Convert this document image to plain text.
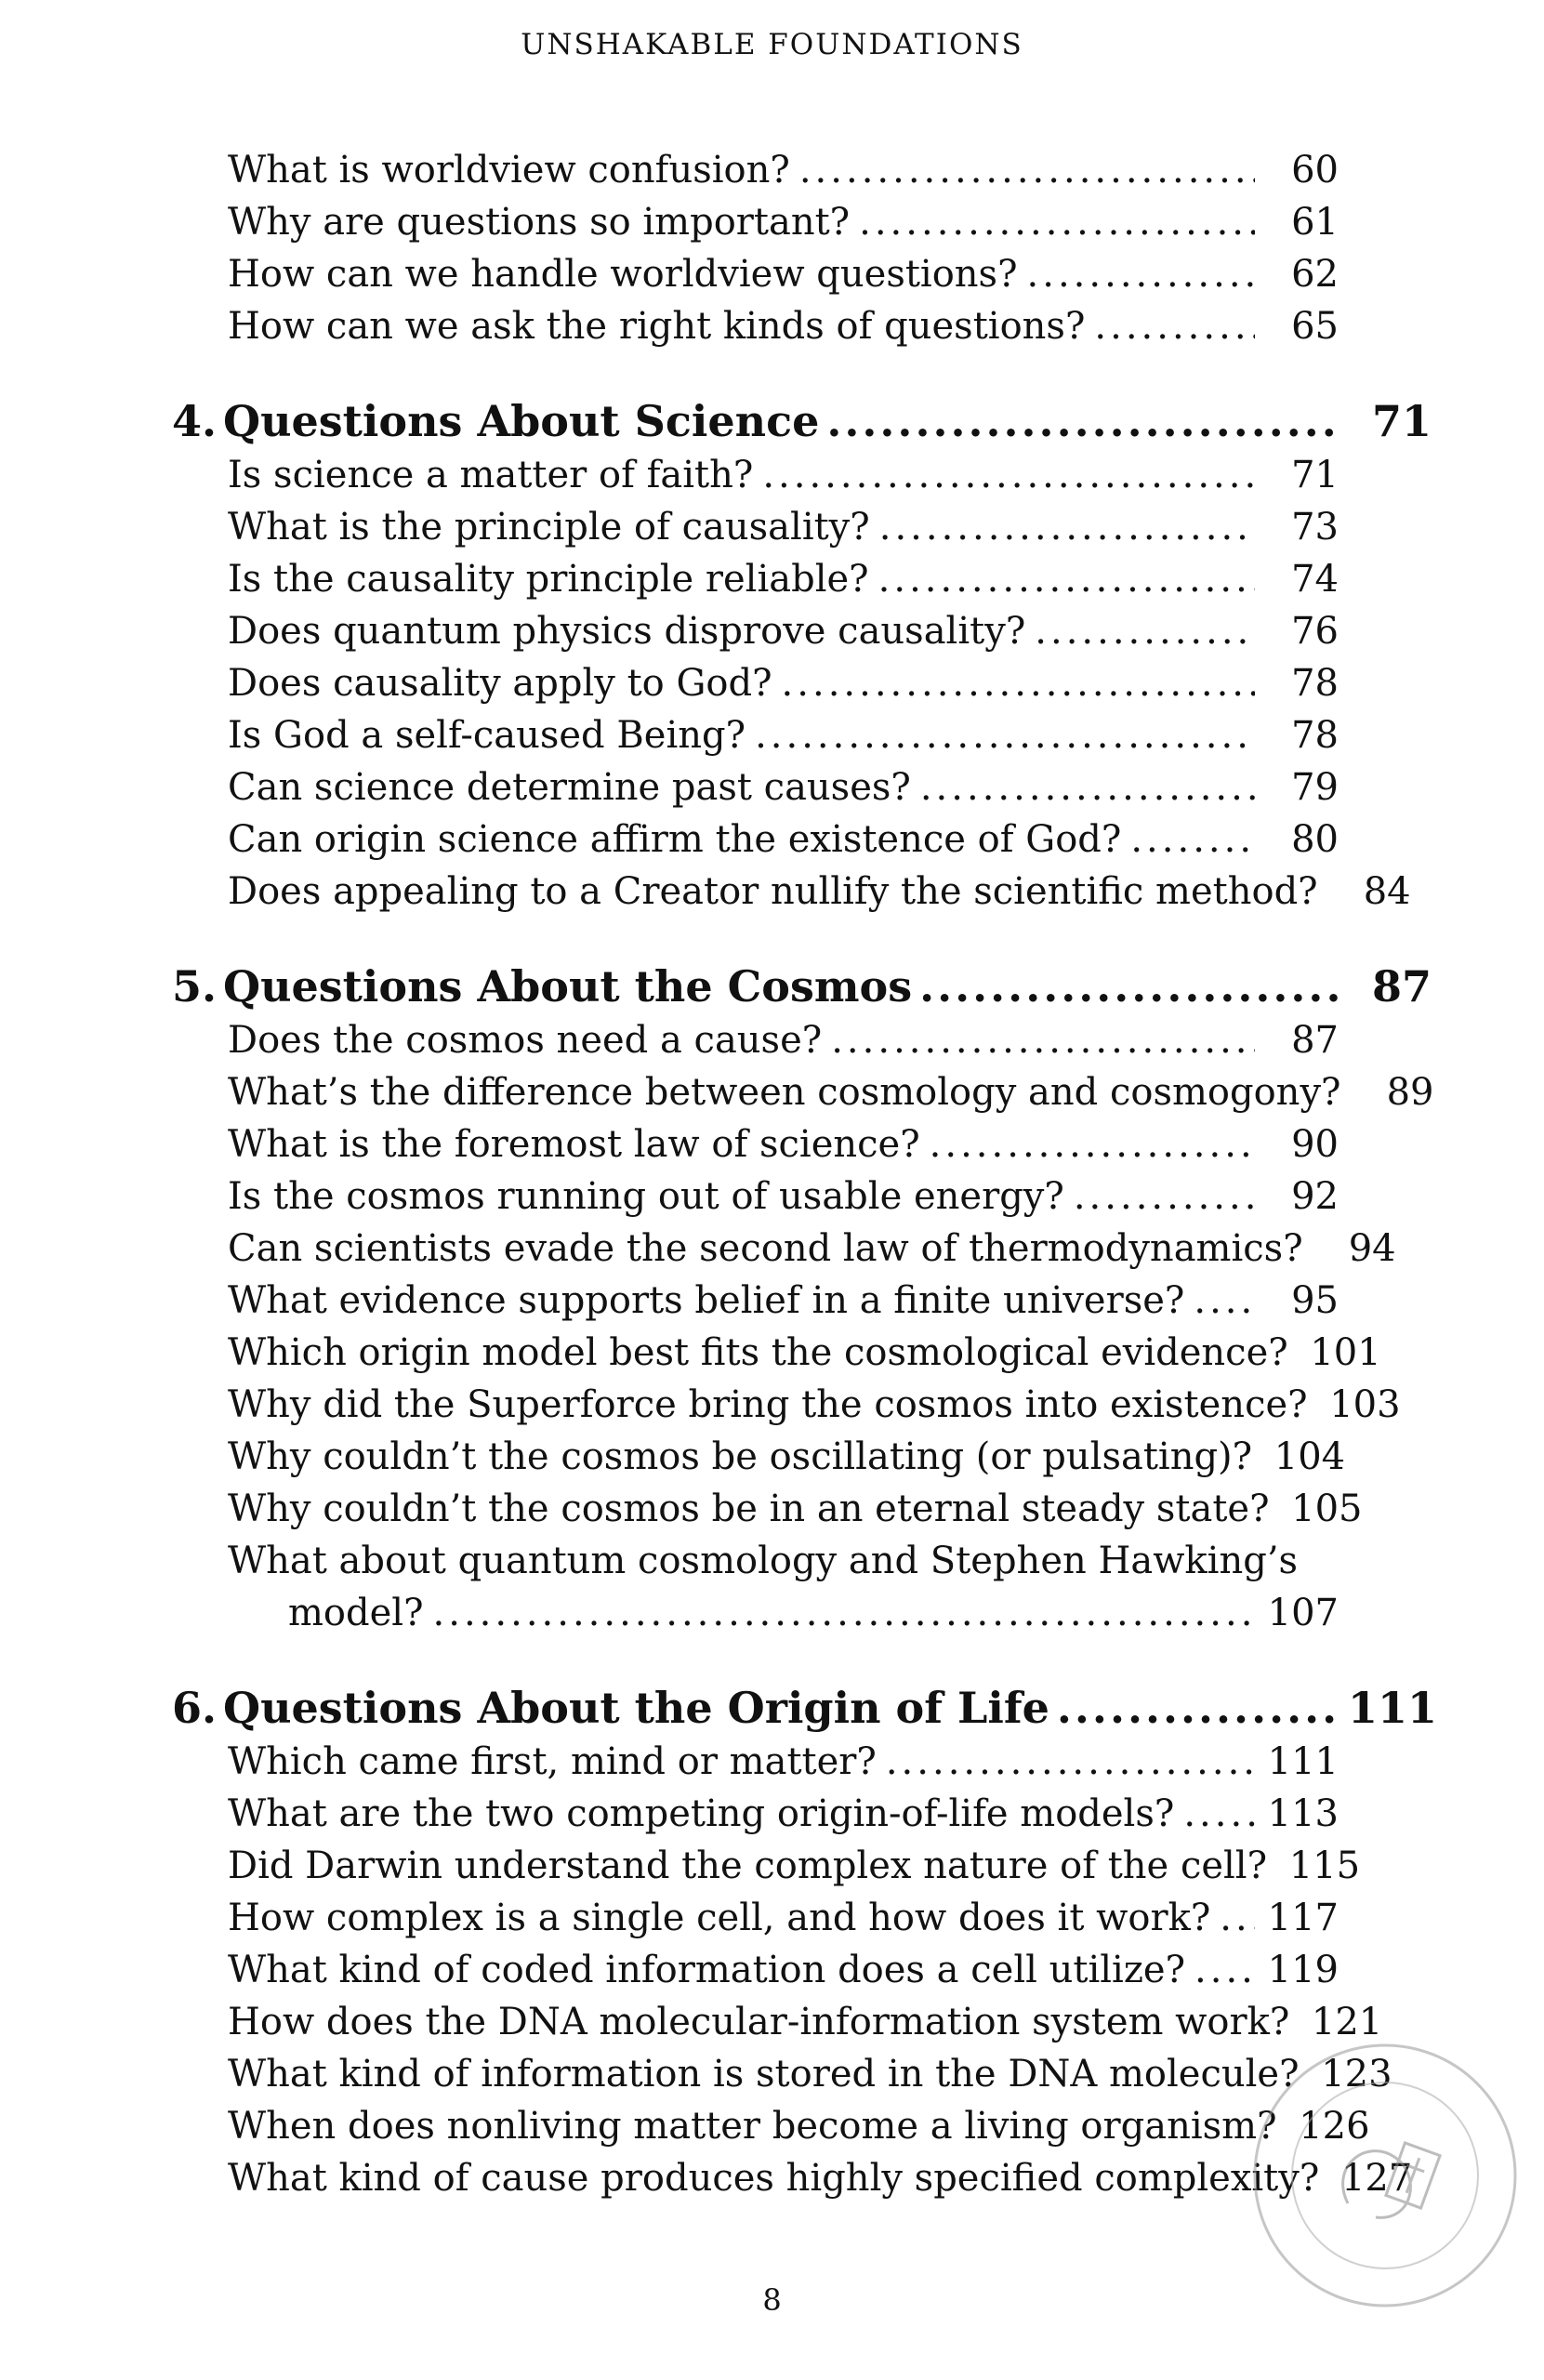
UNSHAKABLE FOUNDATIONS
What is worldview confusion? .....	60
Why are questions so important? .....	61
How can we handle worldview questions? .....	62
How can we ask the right kinds of questions? .....	65
4. Questions About Science .....	71
Is science a matter of faith? .....	71
What is the principle of causality? .....	73
Is the causality principle reliable? .....	74
Does quantum physics disprove causality? .....	76
Does causality apply to God? .....	78
Is God a self-caused Being? .....	78
Can science determine past causes? .....	79
Can origin science affirm the existence of God? .....	80
Does appealing to a Creator nullify the scientific method?	84
5. Questions About the Cosmos .....	87
Does the cosmos need a cause? .....	87
What’s the difference between cosmology and cosmogony?	89
What is the foremost law of science? .....	90
Is the cosmos running out of usable energy? .....	92
Can scientists evade the second law of thermodynamics?	94
What evidence supports belief in a finite universe? .....	95
Which origin model best fits the cosmological evidence? 101
Why did the Superforce bring the cosmos into existence? 103
Why couldn’t the cosmos be oscillating (or pulsating)? 104
Why couldn’t the cosmos be in an eternal steady state? 105
What about quantum cosmology and Stephen Hawking’s
model? .....	107
6. Questions About the Origin of Life .....	111
Which came first, mind or matter? .....	111
What are the two competing origin-of-life models? .....	113
Did Darwin understand the complex nature of the cell? 115
How complex is a single cell, and how does it work? ..... 117
What kind of coded information does a cell utilize? ..... 119
How does the DNA molecular-information system work? 121
What kind of information is stored in the DNA molecule? 123
When does nonliving matter become a living organism? 126
What kind of cause produces highly specified complexity? 127
8
